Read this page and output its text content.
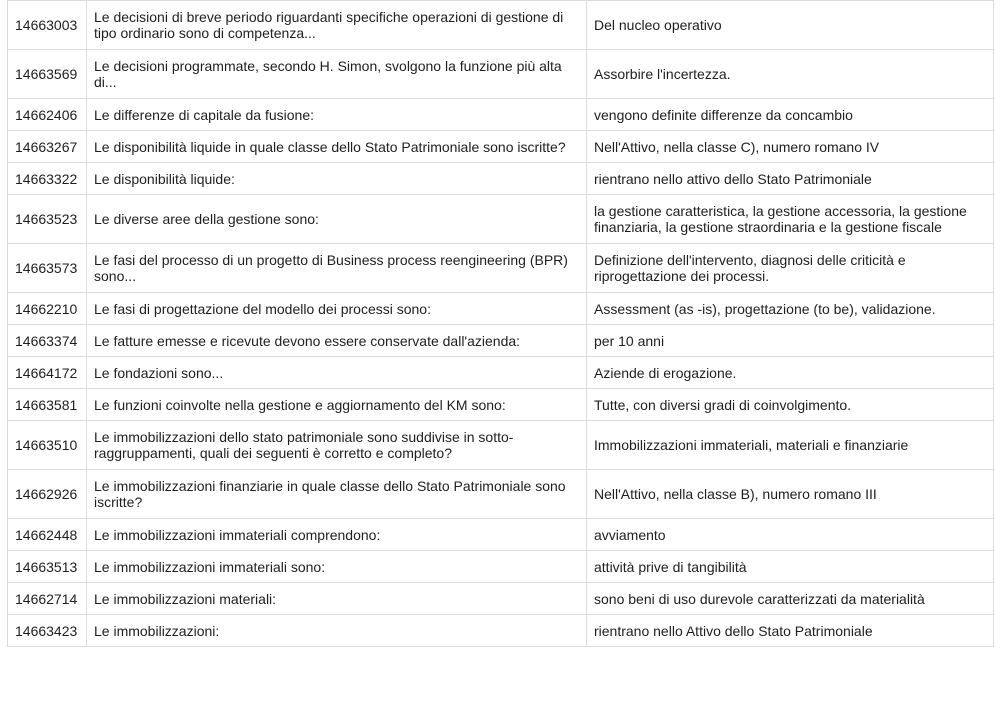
14663003	Le decisioni di breve periodo riguardanti specifiche operazioni di gestione di tipo ordinario sono di competenza...	Del nucleo operativo
14663569	Le decisioni programmate, secondo H. Simon, svolgono la funzione più alta di...	Assorbire l'incertezza.
14662406	Le differenze di capitale da fusione:	vengono definite differenze da concambio
14663267	Le disponibilità liquide in quale classe dello Stato Patrimoniale sono iscritte?	Nell'Attivo, nella classe C), numero romano IV
14663322	Le disponibilità liquide:	rientrano nello attivo dello Stato Patrimoniale
14663523	Le diverse aree della gestione sono:	la gestione caratteristica, la gestione accessoria, la gestione finanziaria, la gestione straordinaria e la gestione fiscale
14663573	Le fasi del processo di un progetto di Business process reengineering (BPR) sono...	Definizione dell'intervento, diagnosi delle criticità e riprogettazione dei processi.
14662210	Le fasi di progettazione del modello dei processi sono:	Assessment (as -is), progettazione (to be), validazione.
14663374	Le fatture emesse e ricevute devono essere conservate dall'azienda:	per 10 anni
14664172	Le fondazioni sono...	Aziende di erogazione.
14663581	Le funzioni coinvolte nella gestione e aggiornamento del KM sono:	Tutte, con diversi gradi di coinvolgimento.
14663510	Le immobilizzazioni dello stato patrimoniale sono suddivise in sotto-raggruppamenti, quali dei seguenti è corretto e completo?	Immobilizzazioni immateriali, materiali e finanziarie
14662926	Le immobilizzazioni finanziarie in quale classe dello Stato Patrimoniale sono iscritte?	Nell'Attivo, nella classe B), numero romano III
14662448	Le immobilizzazioni immateriali comprendono:	avviamento
14663513	Le immobilizzazioni immateriali sono:	attività prive di tangibilità
14662714	Le immobilizzazioni materiali:	sono beni di uso durevole caratterizzati da materialità
14663423	Le immobilizzazioni:	rientrano nello Attivo dello Stato Patrimoniale
